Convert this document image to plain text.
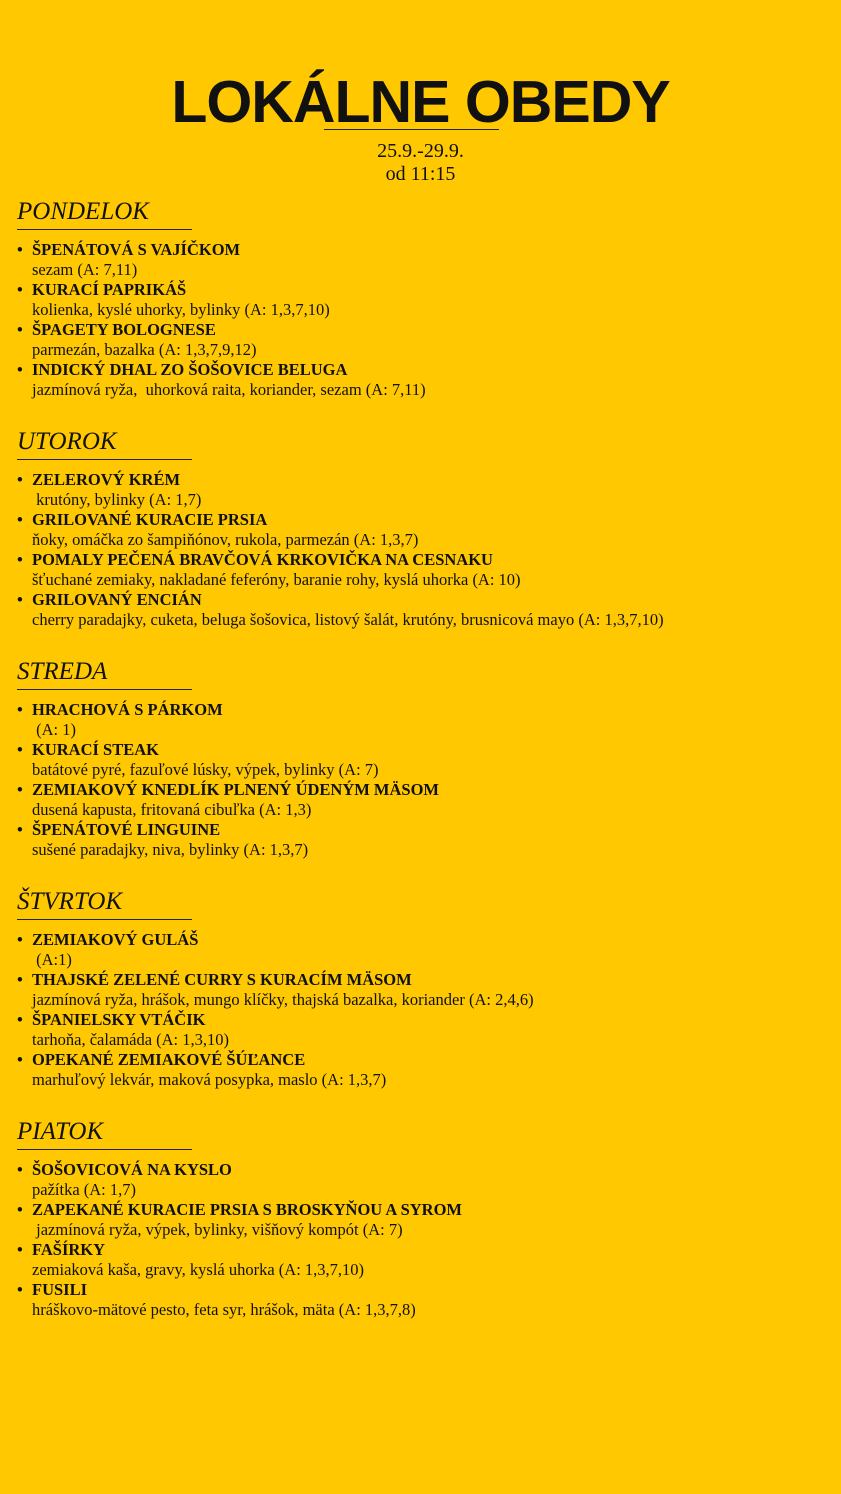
LOKÁLNE OBEDY
25.9.-29.9.
od 11:15
PONDELOK
• ŠPENÁTOVÁ S VAJÍČKOM
sezam (A: 7,11)
• KURACÍ PAPRIKÁŠ
kolienka, kyslé uhorky, bylinky (A: 1,3,7,10)
• ŠPAGETY BOLOGNESE
parmezán, bazalka (A: 1,3,7,9,12)
• INDICKÝ DHAL ZO ŠOŠOVICE BELUGA
jazmínová ryža,  uhorková raita, koriander, sezam (A: 7,11)
UTOROK
• ZELEROVÝ KRÉM
krutóny, bylinky (A: 1,7)
• GRILOVANÉ KURACIE PRSIA
ňoky, omáčka zo šampiňónov, rukola, parmezán (A: 1,3,7)
• POMALY PEČENÁ BRAVČOVÁ KRKOVIČKA NA CESNAKU
šťuchané zemiaky, nakladané feferóny, baranie rohy, kyslá uhorka (A: 10)
• GRILOVANÝ ENCIÁN
cherry paradajky, cuketa, beluga šošovica, listový šalát, krutóny, brusnicová mayo (A: 1,3,7,10)
STREDA
• HRACHOVÁ S PÁRKOM
(A: 1)
• KURACÍ STEAK
batátové pyré, fazuľové lúsky, výpek, bylinky (A: 7)
• ZEMIAKOVÝ KNEDLÍK PLNENÝ ÚDENÝM MÄSOM
dusená kapusta, fritovaná cibuľka (A: 1,3)
• ŠPENÁTOVÉ LINGUINE
sušené paradajky, niva, bylinky (A: 1,3,7)
ŠTVRTOK
• ZEMIAKOVÝ GULÁŠ
(A:1)
• THAJSKÉ ZELENÉ CURRY S KURACÍM MÄSOM
jazmínová ryža, hrášok, mungo klíčky, thajská bazalka, koriander (A: 2,4,6)
• ŠPANIELSKY VTÁČIK
tarhoňa, čalamáda (A: 1,3,10)
• OPEKANÉ ZEMIAKOVÉ ŠÚĽANCE
marhuľový lekvár, maková posypka, maslo (A: 1,3,7)
PIATOK
• ŠOŠOVICOVÁ NA KYSLO
pažítka (A: 1,7)
• ZAPEKANÉ KURACIE PRSIA S BROSKYŇOU A SYROM
jazmínová ryža, výpek, bylinky, višňový kompót (A: 7)
• FAŠÍRKY
zemiaková kaša, gravy, kyslá uhorka (A: 1,3,7,10)
• FUSILI
hráškovo-mätové pesto, feta syr, hrášok, mäta (A: 1,3,7,8)
